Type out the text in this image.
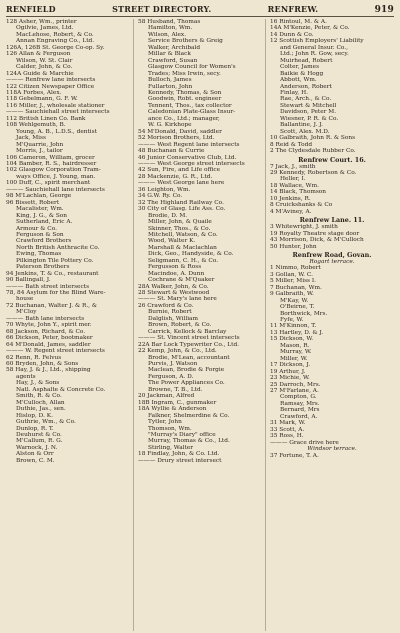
RENFIELD	STREET DIRECTORY.	RENFREW.	919
128 Asher, Wm., printer
Ogilvie, James, Ltd.
MacLehose, Robert, & Co.
Annan Engraving Co., Ltd.
126A, 126B St. George Co-op. Sy.
126 Allan & Ferguson
Wilson, W. St. Clair
Calder, John, & Co.
124A Guide & Marchie
——— Renfrew lane intersects
122 Citizen Newspaper Office
118A Forbes, Alex.
118 Gebelmann, G. F. W.
116 Miller, J., wholesale stationer
——— Sauchiehall street intersects
112 British Linen Co. Bank
108 Wehlgemuth, B.
Young, A. B., L.D.S., dentist
Jack, Miss
M'Quarrie, John
Morris, J., tailor
106 Cameron, William, grocer
104 Bamber, R. S., hairdresser
102 Glasgow Corporation Tram-
ways Office, J. Young, man.
100 Duff, C., spirit merchant
——— Sauchiehall lane intersects
98 M'Lachlan, George
96 Bissett, Robert
Macalister, Wm.
King, J. G., & Son
Sutherland, Eric A.
Armour & Co.
Ferguson & Son
Crawford Brothers
North British Anthracite Co.
Ewing, Thomas
Pilkington Tile Pottery Co.
Paterson Brothers
94 Jenkins, T. & Co., restaurant
90 Ballingall, J.
——— Bath street intersects
78, 84 Asylum for the Blind Ware-
house
72 Buchanan, Walter J. & R., &
M'Cloy
——— Bath lane intersects
70 Whyte, John Y., spirit mer.
68 Jackson, Richard, & Co.
66 Dickson, Peter, bootmaker
64 M'Donald, James, saddler
——— W. Regent street intersects
62 Renn, R. Felvus
60 Bryden, John, & Sons
58 Hay, J. & J., Ltd., shipping
agents
Hay, J., & Sons
Natl. Asphalte & Concrete Co.
Smith, R. & Co.
M'Culloch, Allan
Duthie, Jas., sen.
Hislop, D. K.
Guthrie, Wm., & Co.
Dunlop, R. T.
Deuhurst & Co.
M'Callum, R. G.
Warnock, J. N.
Alston & Orr
Brown, C. M.
58 Husband, Thomas
Hamilton, Wm.
Wilson, Alex.
Service Brothers & Greig
Walker, Archibald
Millar & Black
Crawford, Susan
Glasgow Council for Women's
Trades; Miss Irwin, secy.
Bulloch, James
Fullarton, John
Kennedy, Thomas, & Son
Goodwin, Robt. engineer
Tennent, Thos., tax collector
Caledonian Plate-Glass Insur-
ance Co., Ltd.; manager,
W. G. Kirkhope
54 M'Donald, David, saddler
52 Morison Brothers, Ltd.
——— West Regent lane intersects
48 Buchanan & Currie
46 Junior Conservative Club, Ltd.
——— West George street intersects
42 Sun, Fire, and Life office
28 Mackenzie, G. R., Ltd.
——— West George lane here
36 Leighton, Wm.
34 G.W. Ry. Co.
32 The Highland Railway Co.
30 City of Glasg. Life Ass. Co.
Brodie, D. M.
Miller, John, & Quaile
Skinner, Thos., & Co.
Mitchell, Watson, & Co.
Wood, Walter K.
Marshall & Maclachlan
Dick, Geo., Handyside, & Co.
Seligmann, C. H., & Co.
Fergusson & Ross
Macindoe, A. Dunn
Cochrane & M'Quaker
28A Walker, John, & Co.
28 Stewart & Westwood
——— St. Mary's lane here
26 Crawford & Co.
Burnie, Robert
Dalglish, William
Brown, Robert, & Co.
Carrick, Kellock & Barclay
——— St. Vincent street intersects
22A Bar Lock Typewriter Co., Ltd.
22 Kemp, John, & Co., Ltd.
Brodie, M'Lean, accountant
Purvis, J. Watson
Maclean, Brodie & Forgie
Ferguson, A. D.
The Power Appliances Co.
Browne, T. B., Ltd.
20 Jackman, Alfred
18B Ingram, C., gunmaker
18A Wyllie & Anderson
Falkner, Shelmerdine & Co.
Tytler, John
Thomson, Wm.
"Murray's Diary" office
Murray, Thomas & Co., Ltd.
Stirling, Walter
18 Findlay, John, & Co. Ltd.
——— Drury street intersect
16 Rintoul, M. & A.
14A M'Kenzie, Peter, & Co.
14 Dunn & Co.
12 Scottish Employers' Liability
and General Insur. Co.,
Ltd.; John R. Gow, secy.
Muirhead, Robert
Colter, James
Baikie & Hogg
Abbott, Wm.
Anderson, Robert
Finlay, H.
Rae, Arch., & Co.
Stewart & Mitchell
Davidson, Peter M.
Wiesner, P. R. & Co.
Ballantine, J. J.
Scott, Alex. M.D.
10 Galbraith, John R. & Sons
8 Reid & Todd
2 The Clydesdale Rubber Co.
Renfrew Court. 16.
7 Jack, J., smith
29 Kennedy, Robertson & Co.
Heller, I.
18 Wallace, Wm.
14 Black, Thomson
10 Jenkins, R.
8 Cruickshanks & Co
4 M'Aviney, A.
Renfrew Lane. 11.
3 Whitewright, J. smith
19 Royalty Theatre stage door
43 Morrison, Dick, & M'Culloch
50 Hunter, John
Renfrew Road, Govan.
Rogart terrace.
1 Nimmo, Robert
3 Gollan, W. C.
5 Miller, Miss I.
7 Buchanan, Wm.
9 Galbraith, W.
M'Kay, W.
O'Beirne, T.
Borthwick, Mrs.
Fyfe, W.
11 M'Kinnon, T.
13 Hartley, D. & J.
15 Dickson, W.
Mason, R.
Murray, W.
Miller, W.
17 Dickson, J.
19 Arthur, J.
23 Michie, W.
25 Darroch, Mrs.
27 M'Farlane, A.
Compton, G.
Ramsay, Mrs.
Bernard, Mrs
Crawford, A.
31 Mark, W.
33 Scott, A.
35 Ross, H.
——— Grace drive here
Windsor terrace.
37 Fortune, T. A.
